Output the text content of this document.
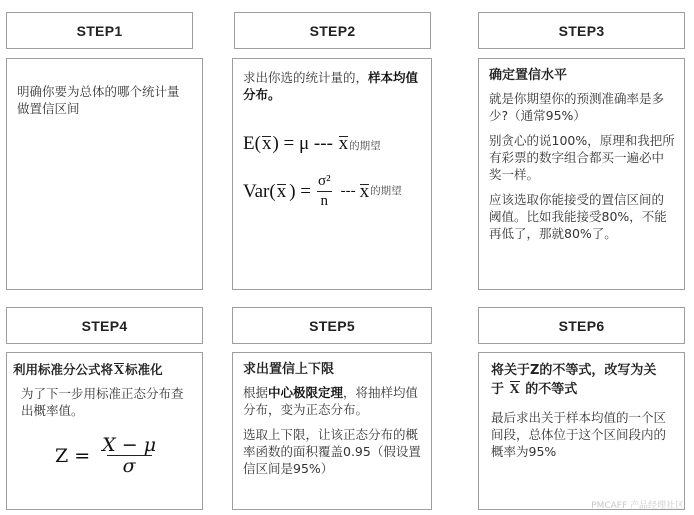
STEP1	STEP2	STEP3

明确你要为总体的哪个统计量做置信区间

求出你选的统计量的，样本均值分布。

E(x) = μ --- x的期望
Var( x ) = $\frac{\text{σ²}}{n}$ --- x 的期望

确定置信水平

就是你期望你的预测准确率是多少?（通常95%）

别贪心的说100%，原理和我把所有彩票的数字组合都买一遍必中奖一样。

应该选取你能接受的置信区间的阈值。比如我能接受80%，不能再低了，那就80%了。

STEP4	STEP5	STEP6

利用标准分公式将X标准化

为了下一步用标准正态分布查出概率值。

$Z = \frac{X - \mu}{\sigma}$

求出置信上下限

根据中心极限定理，将抽样均值分布，变为正态分布。

选取上下限，让该正态分布的概率函数的面积覆盖0.95（假设置信区间是95%）

将关于Z的不等式，改写为关
于 X 的不等式

最后求出关于样本均值的一个区间段，总体位于这个区间段内的概率为95%

PMCAFF 产品经理社区
